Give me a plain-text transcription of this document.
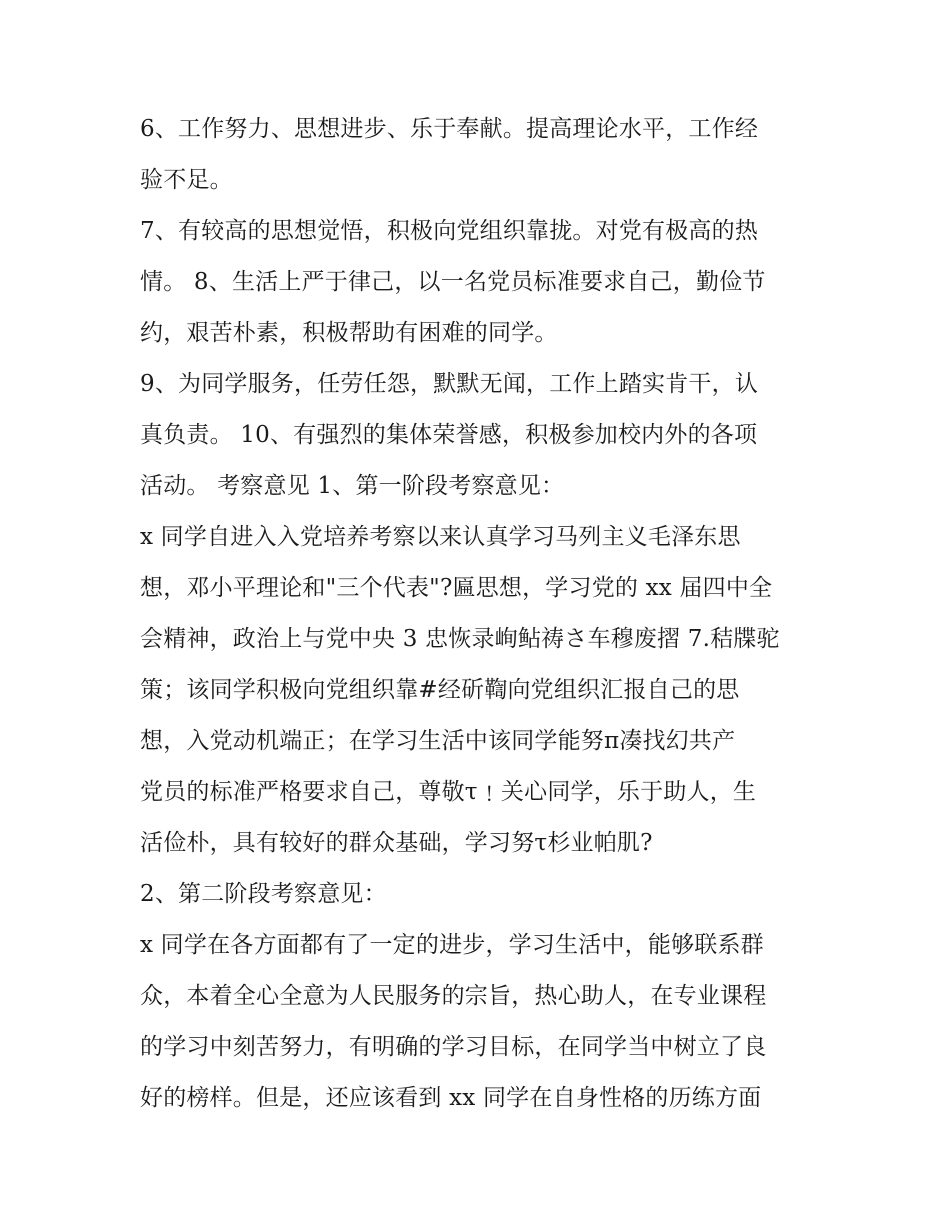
6、工作努力、思想进步、乐于奉献。提高理论水平，工作经
验不足。
7、有较高的思想觉悟，积极向党组织靠拢。对党有极高的热
情。 8、生活上严于律己，以一名党员标准要求自己，勤俭节
约，艰苦朴素，积极帮助有困难的同学。
9、为同学服务，任劳任怨，默默无闻，工作上踏实肯干，认
真负责。 10、有强烈的集体荣誉感，积极参加校内外的各项
活动。 考察意见 1、第一阶段考察意见：
x 同学自进入入党培养考察以来认真学习马列主义毛泽东思
想，邓小平理论和"三个代表"?匾思想，学习党的 xx 届四中全
会精神，政治上与党中央 3 忠恢录峋鲇祷さ车穆废摺 7.秸牒驼
策；该同学积极向党组织靠#经斫鞫向党组织汇报自己的思
想，入党动机端正；在学习生活中该同学能努π凑找幻共产
党员的标准严格要求自己，尊敬τ﹗关心同学，乐于助人，生
活俭朴，具有较好的群众基础，学习努τ杉业帕肌?
2、第二阶段考察意见：
x 同学在各方面都有了一定的进步，学习生活中，能够联系群
众，本着全心全意为人民服务的宗旨，热心助人，在专业课程
的学习中刻苦努力，有明确的学习目标，在同学当中树立了良
好的榜样。但是，还应该看到 xx 同学在自身性格的历练方面
